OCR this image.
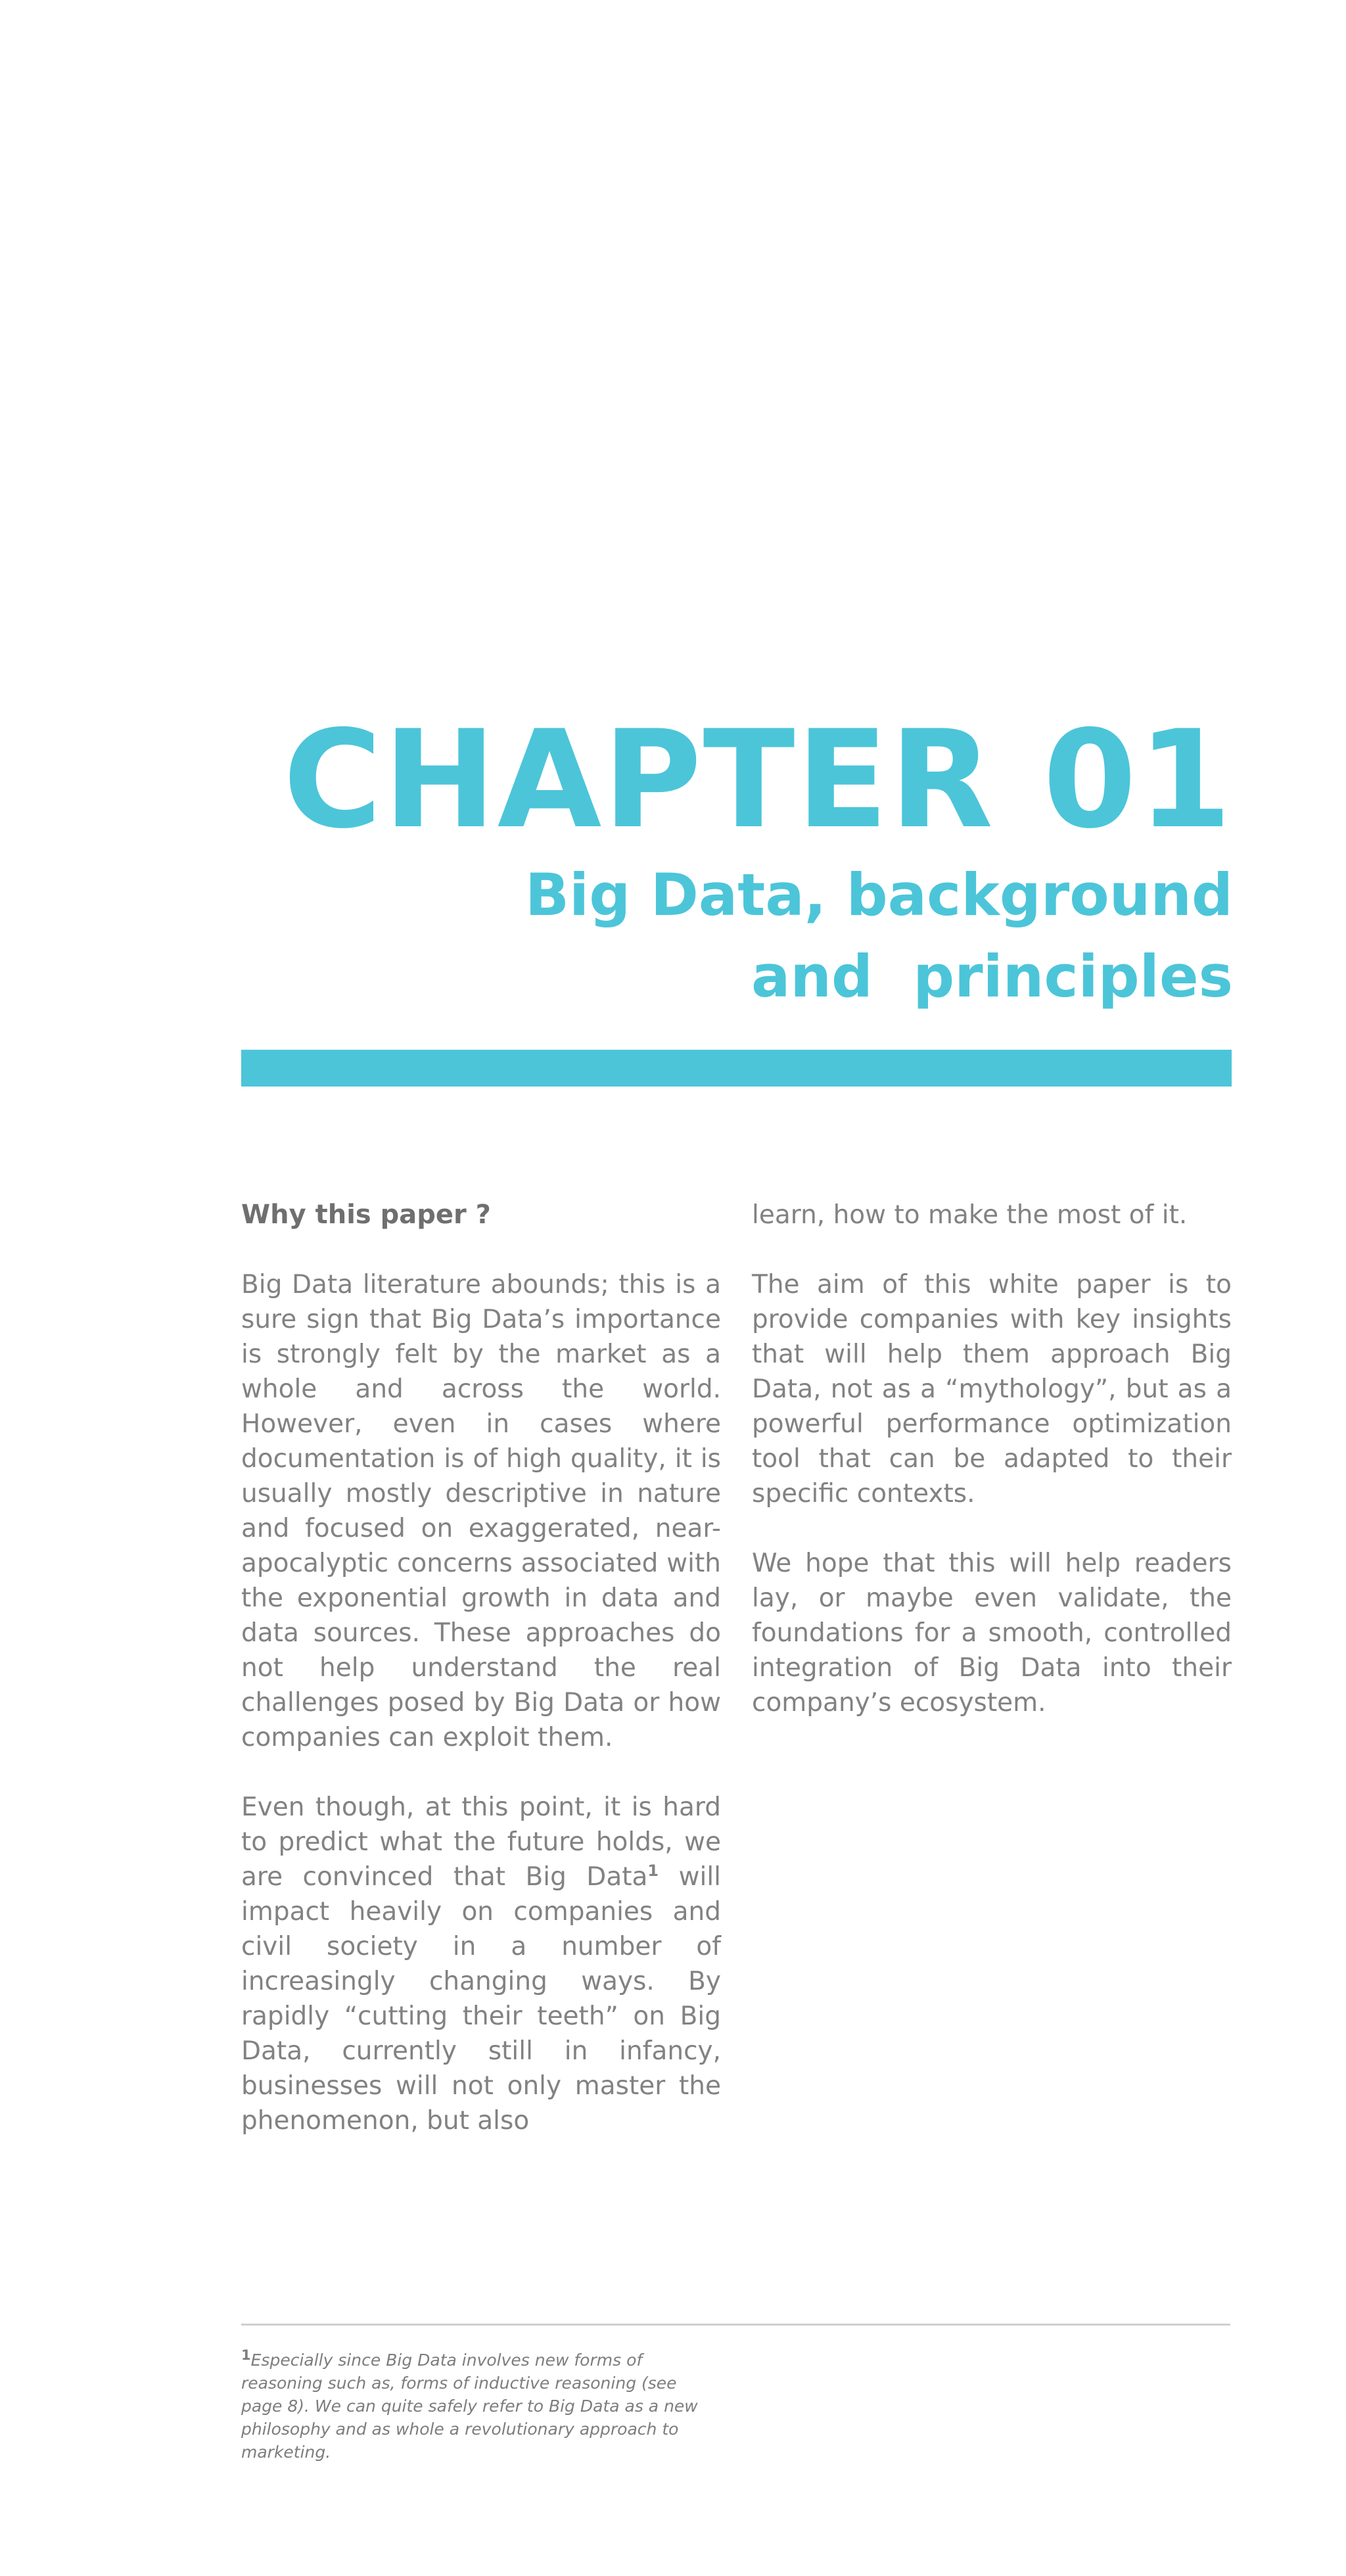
CHAPTER 01
Big Data, background
and  principles
Why this paper ?

Big Data literature abounds; this is a sure sign that Big Data’s importance is strongly felt by the market as a whole and across the world. However, even in cases where documentation is of high quality, it is usually mostly descriptive in nature and focused on exaggerated, near-apocalyptic concerns associated with the exponential growth in data and data sources. These approaches do not help understand the real challenges posed by Big Data or how companies can exploit them.

Even though, at this point, it is hard to predict what the future holds, we are convinced that Big Data$^1$ will impact heavily on companies and civil society in a number of increasingly changing ways. By rapidly “cutting their teeth” on Big Data, currently still in infancy, businesses will not only master the phenomenon, but also

learn, how to make the most of it.

The aim of this white paper is to provide companies with key insights that will help them approach Big Data, not as a “mythology”, but as a powerful performance optimization tool that can be adapted to their specific contexts.

We hope that this will help readers lay, or maybe even validate, the foundations for a smooth, controlled integration of Big Data into their company’s ecosystem.

$^1$Especially since Big Data involves new forms of reasoning such as, forms of inductive reasoning (see page 8). We can quite safely refer to Big Data as a new philosophy and as whole a revolutionary approach to marketing.
